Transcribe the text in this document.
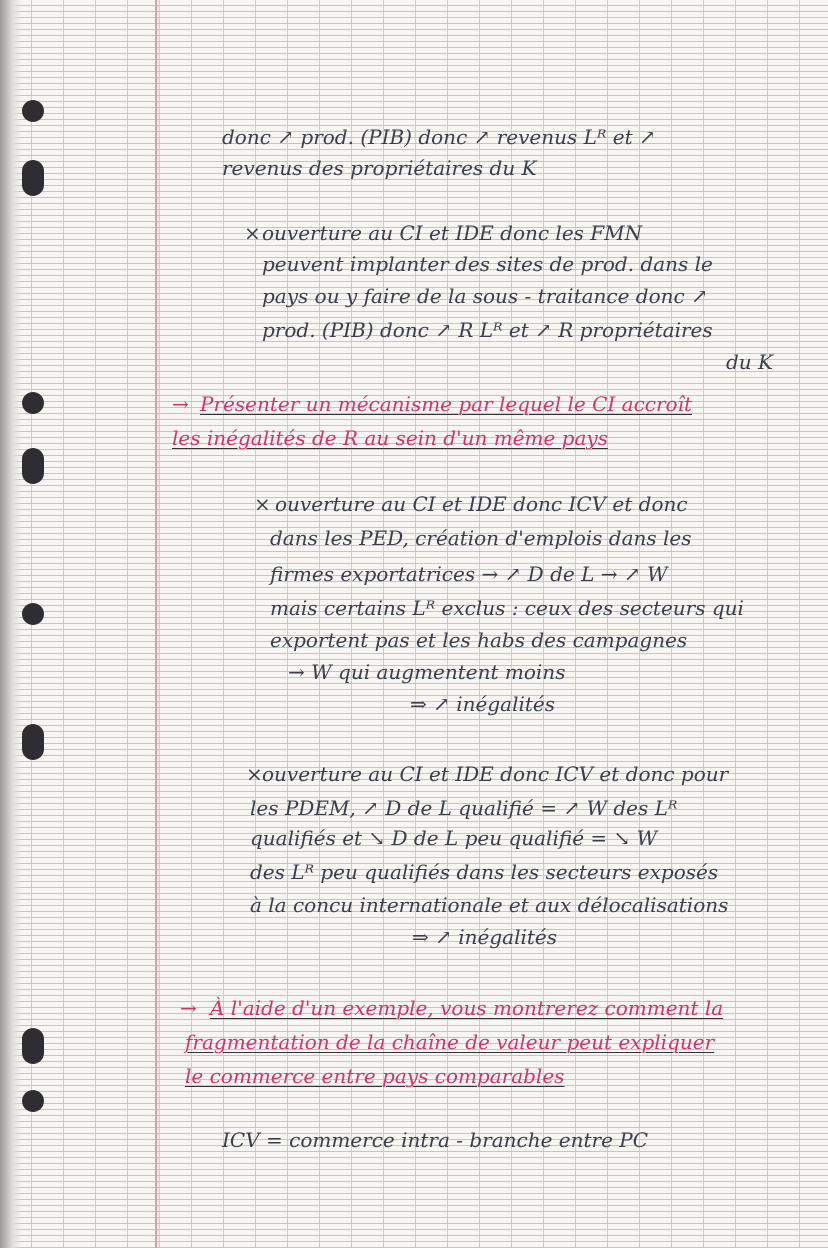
donc ↗ prod. (PIB) donc ↗ revenus Lᴿ et ↗

revenus des propriétaires du K

× ouverture au CI et IDE donc les FMN

peuvent implanter des sites de prod. dans le

pays ou y faire de la sous - traitance donc ↗

prod. (PIB) donc ↗ R Lᴿ et ↗ R propriétaires

du K

→ Présenter un mécanisme par lequel le CI accroît

les inégalités de R au sein d'un même pays

× ouverture au CI et IDE donc ICV et donc

dans les PED, création d'emplois dans les

firmes exportatrices → ↗ D de L → ↗ W

mais certains Lᴿ exclus : ceux des secteurs qui

exportent pas et les habs des campagnes

→ W qui augmentent moins

⇒ ↗ inégalités

× ouverture au CI et IDE donc ICV et donc pour

les PDEM, ↗ D de L qualifié = ↗ W des Lᴿ

qualifiés et ↘ D de L peu qualifié = ↘ W

des Lᴿ peu qualifiés dans les secteurs exposés

à la concu internationale et aux délocalisations

⇒ ↗ inégalités

→ À l'aide d'un exemple, vous montrerez comment la

fragmentation de la chaîne de valeur peut expliquer

le commerce entre pays comparables

ICV = commerce intra - branche entre PC
